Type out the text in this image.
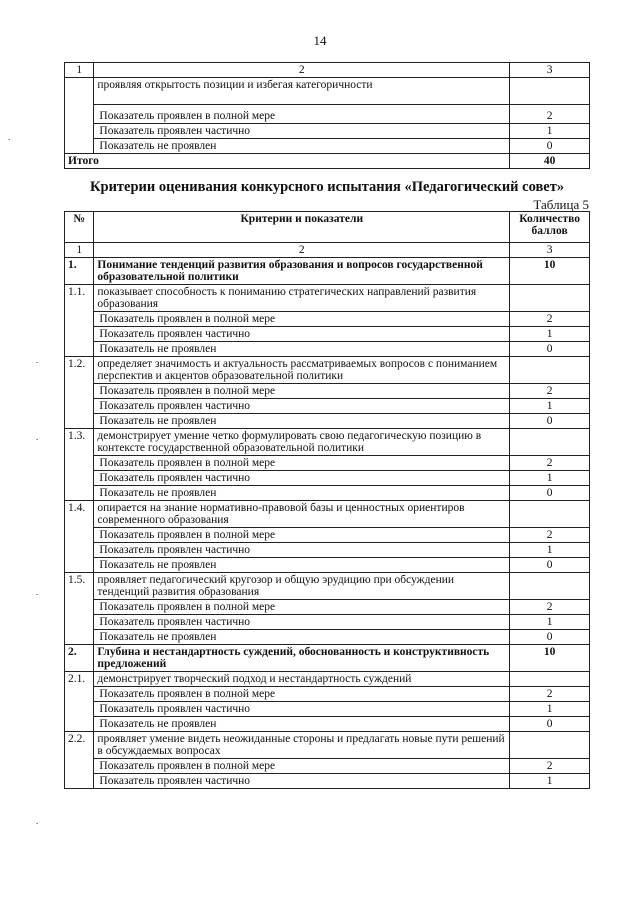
14
1	2	3
	проявляя открытость позиции и избегая категоричности	
	Показатель проявлен в полной мере	2
	Показатель проявлен частично	1
	Показатель не проявлен	0
Итого		40
Критерии оценивания конкурсного испытания «Педагогический совет»
Таблица 5
№	Критерии и показатели	Количество баллов
1	2	3
1.	Понимание тенденций развития образования и вопросов государственной образовательной политики	10
1.1.	показывает способность к пониманию стратегических направлений развития образования	
	Показатель проявлен в полной мере	2
	Показатель проявлен частично	1
	Показатель не проявлен	0
1.2.	определяет значимость и актуальность рассматриваемых вопросов с пониманием перспектив и акцентов образовательной политики	
	Показатель проявлен в полной мере	2
	Показатель проявлен частично	1
	Показатель не проявлен	0
1.3.	демонстрирует умение четко формулировать свою педагогическую позицию в контексте государственной образовательной политики	
	Показатель проявлен в полной мере	2
	Показатель проявлен частично	1
	Показатель не проявлен	0
1.4.	опирается на знание нормативно-правовой базы и ценностных ориентиров современного образования	
	Показатель проявлен в полной мере	2
	Показатель проявлен частично	1
	Показатель не проявлен	0
1.5.	проявляет педагогический кругозор и общую эрудицию при обсуждении тенденций развития образования	
	Показатель проявлен в полной мере	2
	Показатель проявлен частично	1
	Показатель не проявлен	0
2.	Глубина и нестандартность суждений, обоснованность и конструктивность предложений	10
2.1.	демонстрирует творческий подход и нестандартность суждений	
	Показатель проявлен в полной мере	2
	Показатель проявлен частично	1
	Показатель не проявлен	0
2.2.	проявляет умение видеть неожиданные стороны и предлагать новые пути решений в обсуждаемых вопросах	
	Показатель проявлен в полной мере	2
	Показатель проявлен частично	1
.
.
.
.
.
